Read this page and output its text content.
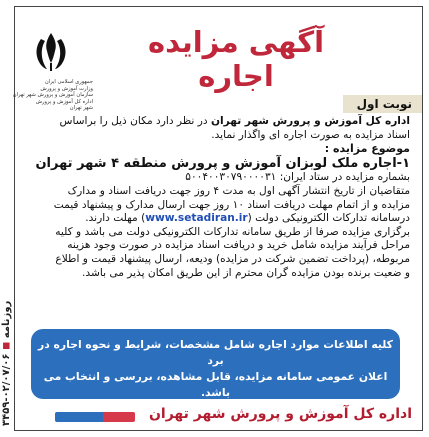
روزنامه ◼ ۰۲/۰۷/۰۶-۳۴۵۹
آگهی مزایده اجاره
جمهوری اسلامی ایران
وزارت آموزش و پرورش
سازمان آموزش و پرورش شهر تهران
اداره کل آموزش و پرورش
شهر تهران	نوبت اول
اداره کل آموزش و پرورش شهر تهران در نظر دارد مکان ذیل را براساس
اسناد مزایده به صورت اجاره ای واگذار نماید.
موضوع مزایده :
۱-اجاره ملک لوبزان آموزش و پرورش منطقه ۴ شهر تهران
بشماره مزایده در ستاد ایران: ۵۰۰۴۰۰۳۰۷۹۰۰۰۰۳۱
متقاضیان از تاریخ انتشار آگهی اول به مدت ۴ روز جهت دریافت اسناد و مدارک
مزایده و از اتمام مهلت دریافت اسناد ۱۰ روز جهت ارسال مدارک و پیشنهاد قیمت
درسامانه تدارکات الکترونیکی دولت (www.setadiran.ir) مهلت دارند.
برگزاری مزایده صرفا از طریق سامانه تدارکات الکترونیکی دولت می باشد و کلیه
مراحل فرآیند مزایده شامل خرید و دریافت اسناد مزایده در صورت وجود هزینه
مربوطه، (پرداخت تضمین شرکت در مزایده) ودیعه، ارسال پیشنهاد قیمت و اطلاع
و ضعیت برنده بودن مزایده گران محترم از این طریق امکان پذیر می باشد.
کلیه اطلاعات موارد اجاره شامل مشخصات، شرایط و نحوه اجاره در برد
اعلان عمومی سامانه مزایده، قابل مشاهده، بررسی و انتخاب می باشد.
اداره کل آموزش و پرورش شهر تهران
